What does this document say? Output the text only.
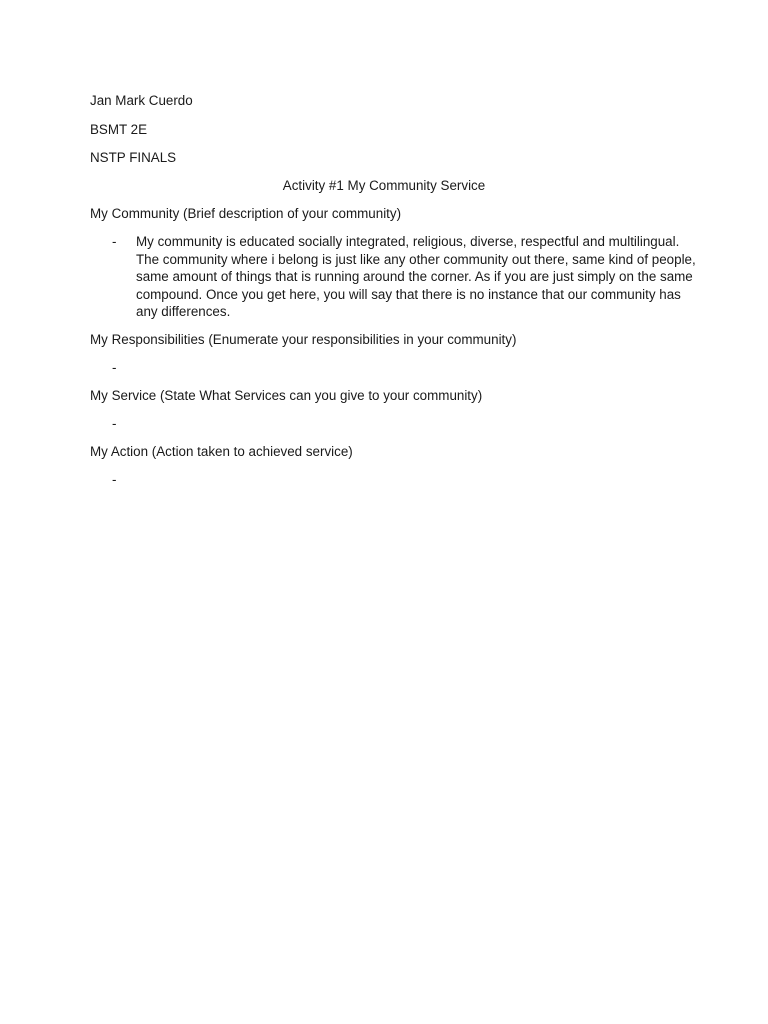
Jan Mark Cuerdo
BSMT 2E
NSTP FINALS
Activity #1 My Community Service
My Community (Brief description of your community)
- My community is educated socially integrated, religious, diverse, respectful and multilingual. The community where i belong is just like any other community out there, same kind of people, same amount of things that is running around the corner. As if you are just simply on the same compound. Once you get here, you will say that there is no instance that our community has any differences.
My Responsibilities (Enumerate your responsibilities in your community)
-
My Service (State What Services can you give to your community)
-
My Action (Action taken to achieved service)
-
